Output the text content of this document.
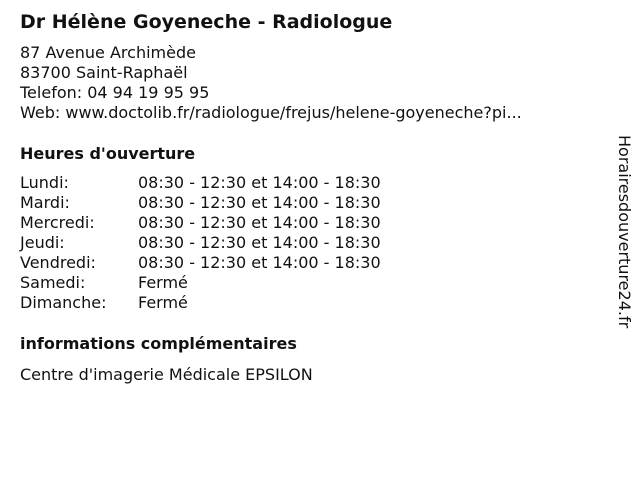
Dr Hélène Goyeneche - Radiologue
87 Avenue Archimède
83700 Saint-Raphaël
Telefon: 04 94 19 95 95
Web: www.doctolib.fr/radiologue/frejus/helene-goyeneche?pi...
Heures d'ouverture
Lundi:	08:30 - 12:30 et 14:00 - 18:30
Mardi:	08:30 - 12:30 et 14:00 - 18:30
Mercredi:	08:30 - 12:30 et 14:00 - 18:30
Jeudi:	08:30 - 12:30 et 14:00 - 18:30
Vendredi:	08:30 - 12:30 et 14:00 - 18:30
Samedi:	Fermé
Dimanche:	Fermé
informations complémentaires
Centre d'imagerie Médicale EPSILON
Horairesdouverture24.fr
